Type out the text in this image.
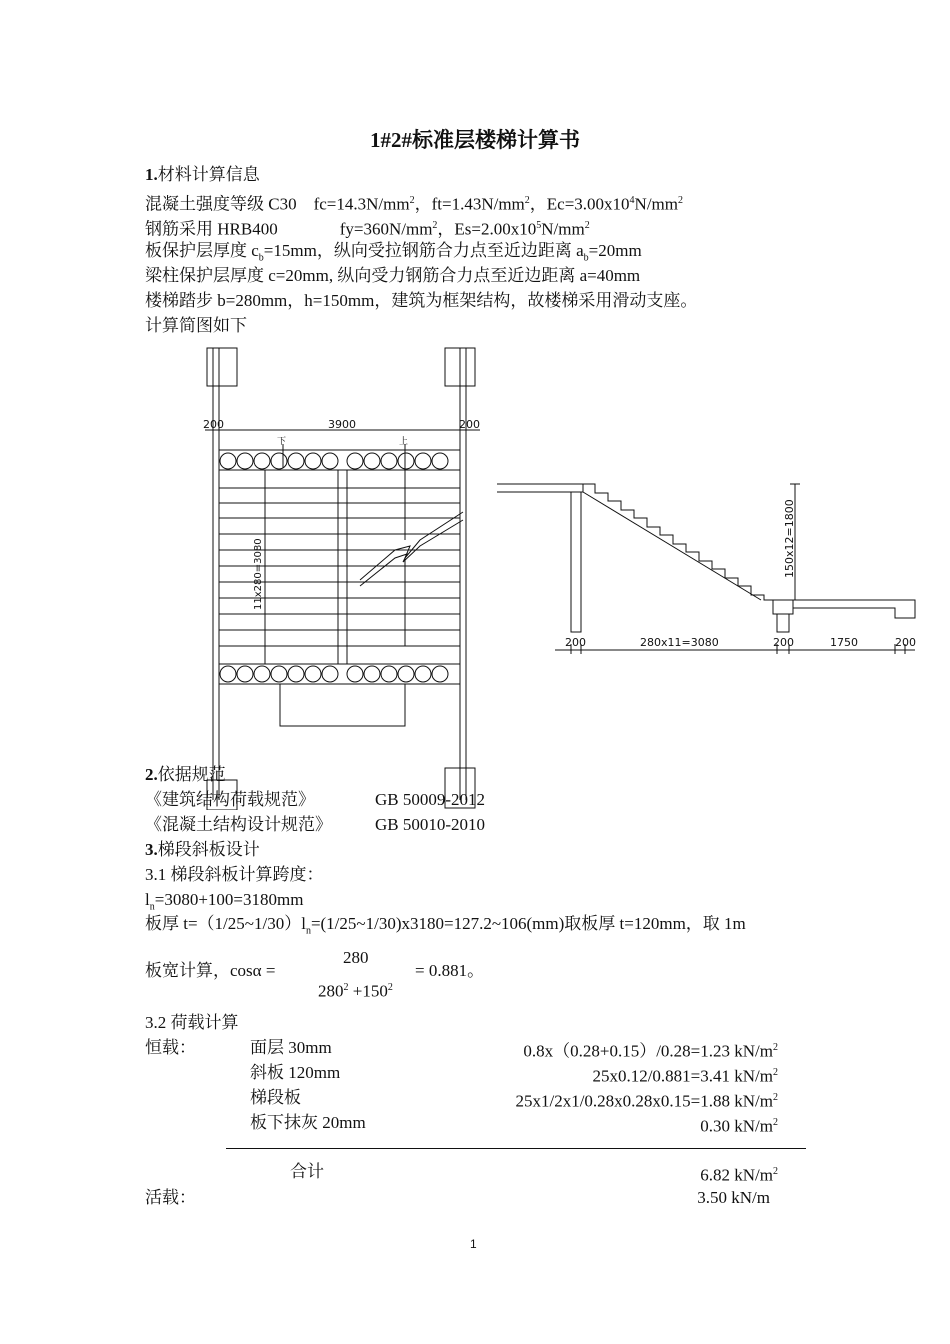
1#2#标准层楼梯计算书
1.材料计算信息
混凝土强度等级 C30 $fc=14.3N/mm^2$，$ft=1.43N/mm^2$，$Ec=3.00x10^4N/mm^2$
钢筋采用 HRB400	$fy=360N/mm^2$，$Es=2.00x10^5N/mm^2$
板保护层厚度 $c_b=15mm$，纵向受拉钢筋合力点至近边距离 $a_b=20mm$
梁柱保护层厚度 c=20mm, 纵向受力钢筋合力点至近边距离 a=40mm
楼梯踏步 b=280mm，h=150mm，建筑为框架结构，故楼梯采用滑动支座。
计算简图如下
200	3900	200
下	上
11x280=3080
200	280x11=3080	200	1750	200
150x12=1800
2.依据规范
《建筑结构荷载规范》	GB 50009-2012
《混凝土结构设计规范》	GB 50010-2010
3.梯段斜板设计
3.1 梯段斜板计算跨度：
$l_n=3080+100=3180mm$
板厚 $t=(1/25\sim 1/30)l_n=(1/25\sim 1/30)x3180=127.2\sim 106(mm)$取板厚 t=120mm，取 1m
板宽计算，cosα =
280
$280^2 +150^2$
= 0.881。
3.2 荷载计算
恒载：	面层 30mm	0.8x（0.28+0.15）/0.28=1.23 $kN/m^2$
斜板 120mm	25x0.12/0.881=3.41 $kN/m^2$
梯段板	25x1/2x1/0.28x0.28x0.15=1.88 $kN/m^2$
板下抹灰 20mm	0.30 $kN/m^2$
合计	6.82 $kN/m^2$
活载：	3.50 kN/m
1
